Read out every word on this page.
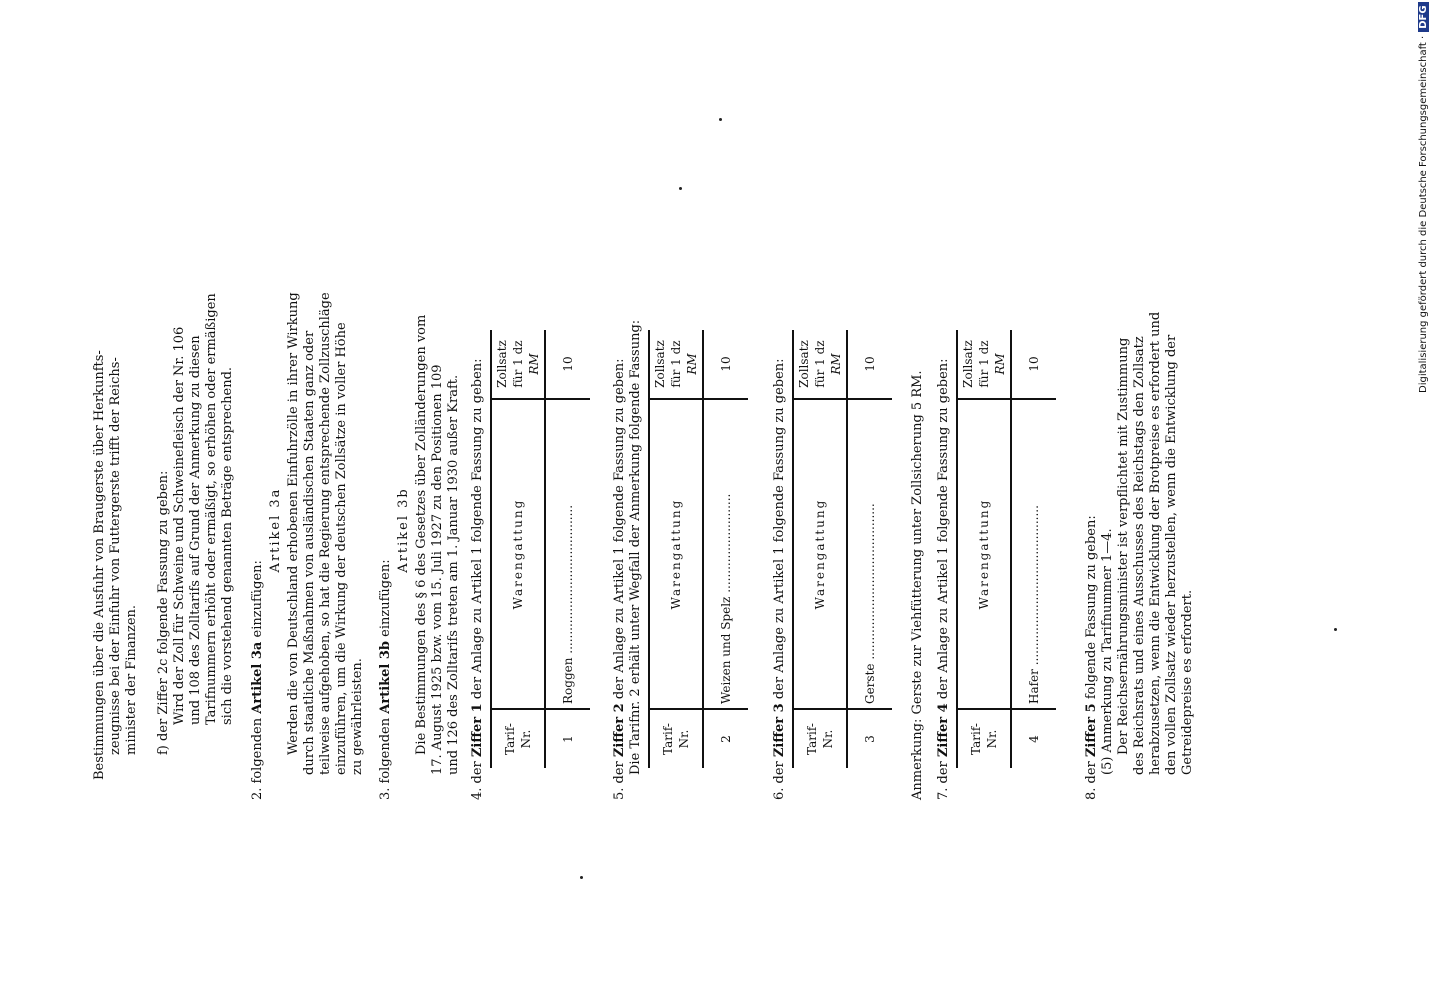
Bestimmungen über die Ausfuhr von Braugerste über Herkunfts- zeugnisse bei der Einfuhr von Futtergerste trifft der Reichs- minister der Finanzen. f) der Ziffer 2c folgende Fassung zu geben: Wird der Zoll für Schweine und Schweinefleisch der Nr. 106 und 108 des Zolltarifs auf Grund der Anmerkung zu diesen Tarifnummern erhöht oder ermäßigt, so erhöhen oder ermäßigen sich die vorstehend genannten Beträge entsprechend.
2. folgenden Artikel 3a einzufügen:
Artikel 3a Werden die von Deutschland erhobenen Einfuhrzölle in ihrer Wirkung durch staatliche Maßnahmen von ausländischen Staaten ganz oder teilweise aufgehoben, so hat die Regierung entsprechende Zollzuschläge einzuführen, um die Wirkung der deutschen Zollsätze in voller Höhe zu gewährleisten.
3. folgenden Artikel 3b einzufügen:
Artikel 3b Die Bestimmungen des § 6 des Gesetzes über Zolländerungen vom 17. August 1925 bzw. vom 15. Juli 1927 zu den Positionen 109 und 126 des Zolltarifs treten am 1. Januar 1930 außer Kraft.
4. der Ziffer 1 der Anlage zu Artikel 1 folgende Fassung zu geben:
Tarif- Nr.	Warengattung	Zollsatz für 1 dz RM
1	Roggen .......................................	10
5. der Ziffer 2 der Anlage zu Artikel 1 folgende Fassung zu geben: Die Tarifnr. 2 erhält unter Wegfall der Anmerkung folgende Fassung: Tarif- Nr.	Warengattung	Zollsatz für 1 dz RM
2	Weizen und Spelz ..........................	10
6. der Ziffer 3 der Anlage zu Artikel 1 folgende Fassung zu geben:
Tarif- Nr.	Warengattung	Zollsatz für 1 dz RM
3	Gerste .........................................	10
Anmerkung: Gerste zur Viehfütterung unter Zollsicherung 5 RM. 7. der Ziffer 4 der Anlage zu Artikel 1 folgende Fassung zu geben:
Tarif- Nr.	Warengattung	Zollsatz für 1 dz RM
4	Hafer ..........................................	10
8. der Ziffer 5 folgende Fassung zu geben: (5) Anmerkung zu Tarifnummer 1—4. Der Reichsernährungsminister ist verpflichtet mit Zustimmung des Reichsrats und eines Ausschusses des Reichstags den Zollsatz herabzusetzen, wenn die Entwicklung der Brotpreise es erfordert und den vollen Zollsatz wieder herzustellen, wenn die Entwicklung der Getreidepreise es erfordert.
Digitalisierung gefördert durch die Deutsche Forschungsgemeinschaft ·DFG
